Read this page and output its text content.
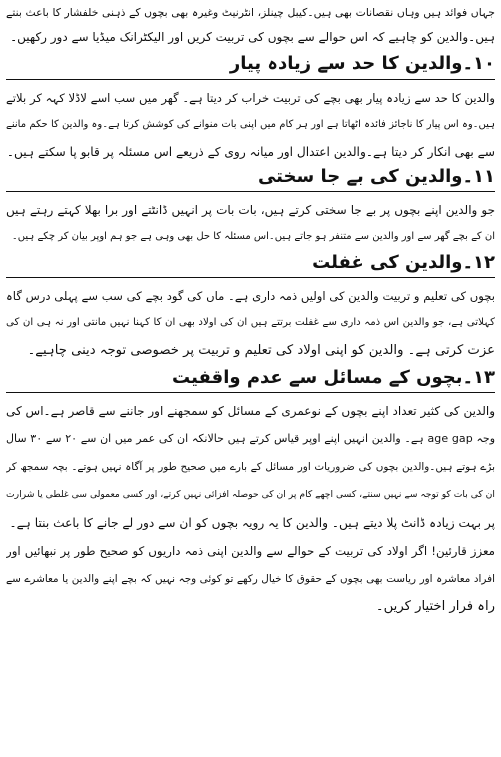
جہاں فوائد ہیں وہاں نقصانات بھی ہیں۔کیبل چینلز، انٹرنیٹ وغیرہ بھی بچوں کے ذہنی خلفشار کا باعث بنتے
ہیں۔والدین کو چاہیے کہ اس حوالے سے بچوں کی تربیت کریں اور الیکٹرانک میڈیا سے دور رکھیں۔
۱۰۔والدین کا حد سے زیادہ پیار
والدین کا حد سے زیادہ پیار بھی بچے کی تربیت خراب کر دیتا ہے۔ گھر میں سب اسے لاڈلا کہہ کر بلاتے
ہیں۔وہ اس پیار کا ناجائز فائدہ اٹھاتا ہے اور ہر کام میں اپنی بات منوانے کی کوشش کرتا ہے۔وہ والدین کا حکم ماننے
سے بھی انکار کر دیتا ہے۔والدین اعتدال اور میانہ روی کے ذریعے اس مسئلہ پر قابو پا سکتے ہیں۔
۱۱۔والدین کی بے جا سختی
جو والدین اپنے بچوں پر بے جا سختی کرتے ہیں، بات بات پر انہیں ڈانٹتے اور برا بھلا کہتے رہتے ہیں
ان کے بچے گھر سے اور والدین سے متنفر ہو جاتے ہیں۔اس مسئلہ کا حل بھی وہی ہے جو ہم اوپر بیان کر چکے ہیں۔
۱۲۔والدین کی غفلت
بچوں کی تعلیم و تربیت والدین کی اولیں ذمہ داری ہے۔ ماں کی گود بچے کی سب سے پہلی درس گاہ
کہلاتی ہے، جو والدین اس ذمہ داری سے غفلت برتتے ہیں ان کی اولاد بھی ان کا کہنا نہیں مانتی اور نہ ہی ان کی
عزت کرتی ہے۔ والدین کو اپنی اولاد کی تعلیم و تربیت پر خصوصی توجہ دینی چاہیے۔
۱۳۔بچوں کے مسائل سے عدم واقفیت
والدین کی کثیر تعداد اپنے بچوں کے نوعمری کے مسائل کو سمجھنے اور جاننے سے قاصر ہے۔اس کی
وجہ age gap ہے۔ والدین انہیں اپنے اوپر قیاس کرتے ہیں حالانکہ ان کی عمر میں ان سے ۲۰ سے ۳۰ سال
بڑے ہوتے ہیں۔والدین بچوں کی ضروریات اور مسائل کے بارے میں صحیح طور پر آگاہ نہیں ہوتے۔ بچہ سمجھ کر
ان کی بات کو توجہ سے نہیں سنتے، کسی اچھے کام پر ان کی حوصلہ افزائی نہیں کرتے، اور کسی معمولی سی غلطی یا شرارت
پر بہت زیادہ ڈانٹ پلا دیتے ہیں۔ والدین کا یہ رویہ بچوں کو ان سے دور لے جانے کا باعث بنتا ہے۔
معزز قارئین! اگر اولاد کی تربیت کے حوالے سے والدین اپنی ذمہ داریوں کو صحیح طور پر نبھائیں اور
افراد معاشرہ اور ریاست بھی بچوں کے حقوق کا خیال رکھے تو کوئی وجہ نہیں کہ بچے اپنے والدین یا معاشرے سے
راہ فرار اختیار کریں۔
